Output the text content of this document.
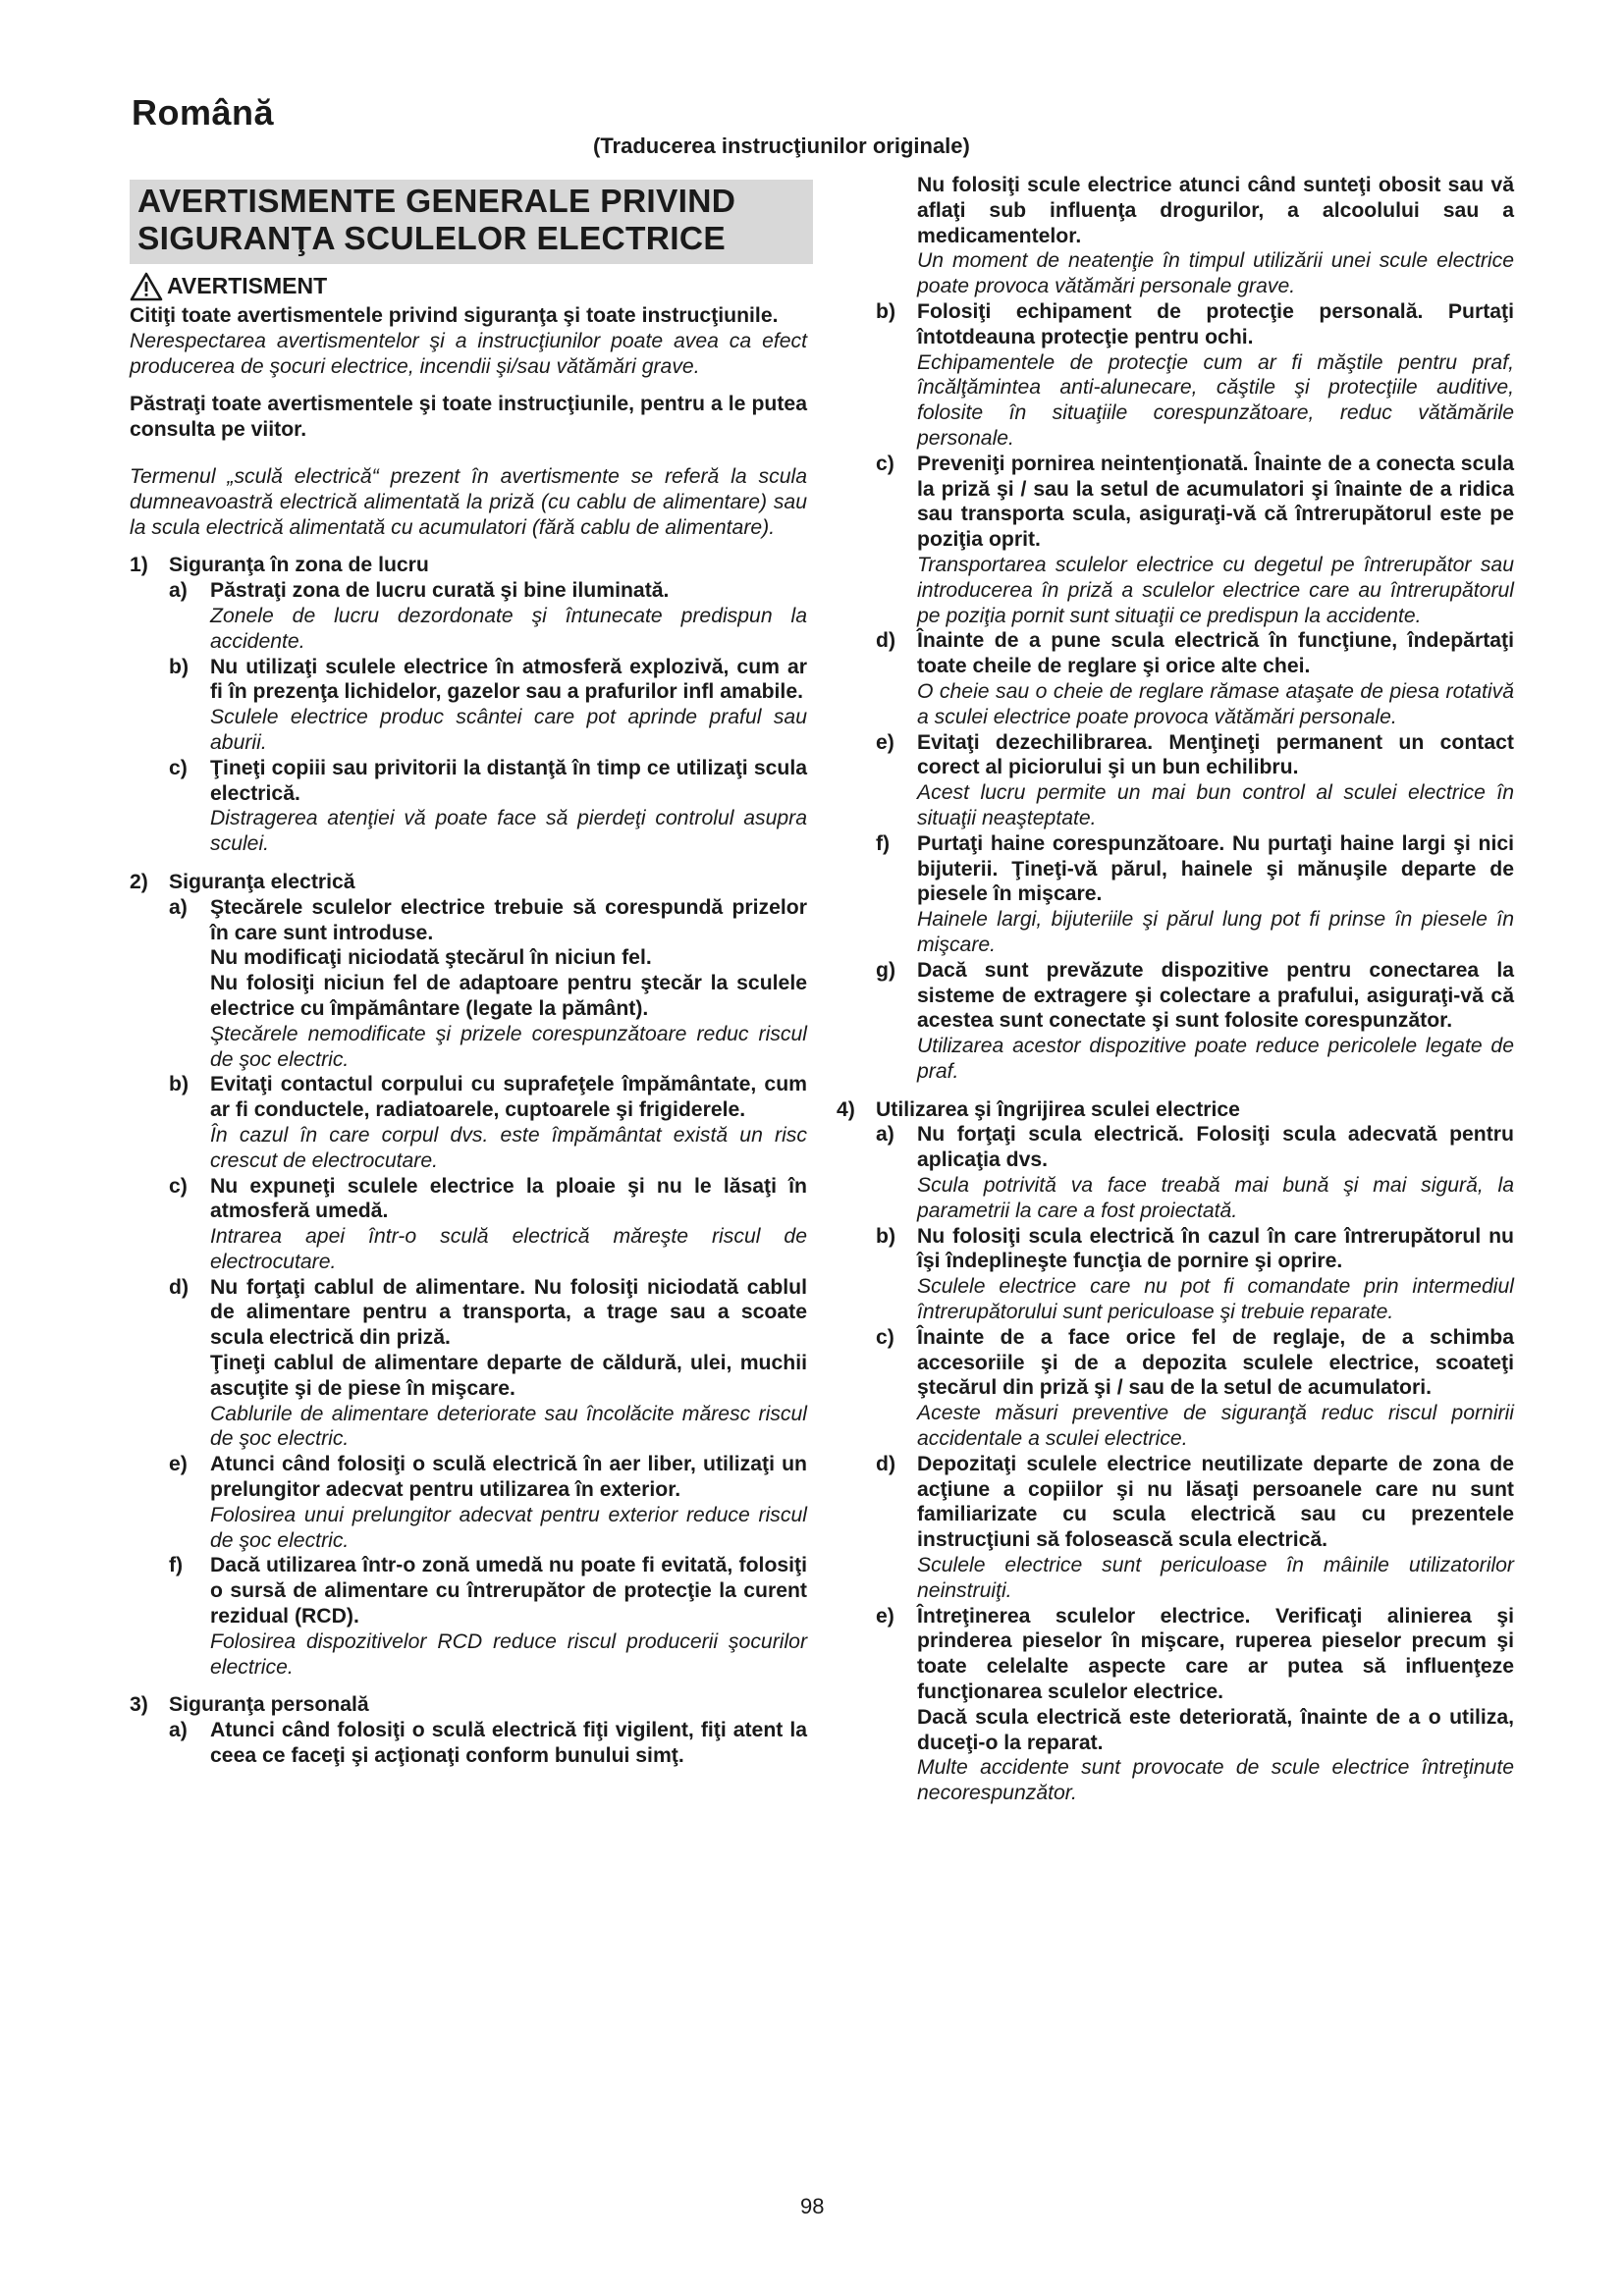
Română

(Traducerea instrucţiunilor originale)

AVERTISMENTE GENERALE PRIVIND
SIGURANŢA SCULELOR ELECTRICE
AVERTISMENT

Citiţi toate avertismentele privind siguranţa şi toate instrucţiunile.

Nerespectarea avertismentelor şi a instrucţiunilor poate avea ca efect producerea de şocuri electrice, incendii şi/sau vătămări grave.

Păstraţi toate avertismentele şi toate instrucţiunile, pentru a le putea consulta pe viitor.

Termenul „sculă electrică“ prezent în avertismente se referă la scula dumneavoastră electrică alimentată la priză (cu cablu de alimentare) sau la scula electrică alimentată cu acumulatori (fără cablu de alimentare).

1) Siguranţa în zona de lucru
a)	Păstraţi zona de lucru curată şi bine iluminată.

Zonele de lucru dezordonate şi întunecate predispun la accidente.

b)	Nu utilizaţi sculele electrice în atmosferă explozivă, cum ar fi în prezenţa lichidelor, gazelor sau a prafurilor infl amabile.

Sculele electrice produc scântei care pot aprinde praful sau aburii.

c)	Ţineţi copiii sau privitorii la distanţă în timp ce utilizaţi scula electrică.

Distragerea atenţiei vă poate face să pierdeţi controlul asupra sculei.

2) Siguranţa electrică
a)	Ştecărele sculelor electrice trebuie să corespundă prizelor în care sunt introduse.

Nu modificaţi niciodată ştecărul în niciun fel.

Nu folosiţi niciun fel de adaptoare pentru ştecăr la sculele electrice cu împământare (legate la pământ).

Ştecărele nemodificate şi prizele corespunzătoare reduc riscul de şoc electric.

b)	Evitaţi contactul corpului cu suprafeţele împământate, cum ar fi conductele, radiatoarele, cuptoarele şi frigiderele.

În cazul în care corpul dvs. este împământat există un risc crescut de electrocutare.

c)	Nu expuneţi sculele electrice la ploaie şi nu le lăsaţi în atmosferă umedă.

Intrarea apei într-o sculă electrică măreşte riscul de electrocutare.

d)	Nu forţaţi cablul de alimentare. Nu folosiţi niciodată cablul de alimentare pentru a transporta, a trage sau a scoate scula electrică din priză.

Ţineţi cablul de alimentare departe de căldură, ulei, muchii ascuţite şi de piese în mişcare.

Cablurile de alimentare deteriorate sau încolăcite măresc riscul de şoc electric.

e)	Atunci când folosiţi o sculă electrică în aer liber, utilizaţi un prelungitor adecvat pentru utilizarea în exterior.

Folosirea unui prelungitor adecvat pentru exterior reduce riscul de şoc electric.

f)	Dacă utilizarea într-o zonă umedă nu poate fi evitată, folosiţi o sursă de alimentare cu întrerupător de protecţie la curent rezidual (RCD).

Folosirea dispozitivelor RCD reduce riscul producerii şocurilor electrice.

3) Siguranţa personală
a)	Atunci când folosiţi o sculă electrică fiţi vigilent, fiţi atent la ceea ce faceţi şi acţionaţi conform bunului simţ.

Nu folosiţi scule electrice atunci când sunteţi obosit sau vă aflaţi sub influenţa drogurilor, a alcoolului sau a medicamentelor.

Un moment de neatenţie în timpul utilizării unei scule electrice poate provoca vătămări personale grave.

b)	Folosiţi echipament de protecţie personală. Purtaţi întotdeauna protecţie pentru ochi.

Echipamentele de protecţie cum ar fi măştile pentru praf, încălţămintea anti-alunecare, căştile şi protecţiile auditive, folosite în situaţiile corespunzătoare, reduc vătămările personale.

c)	Preveniţi pornirea neintenţionată. Înainte de a conecta scula la priză şi / sau la setul de acumulatori şi înainte de a ridica sau transporta scula, asiguraţi-vă că întrerupătorul este pe poziţia oprit.

Transportarea sculelor electrice cu degetul pe întrerupător sau introducerea în priză a sculelor electrice care au întrerupătorul pe poziţia pornit sunt situaţii ce predispun la accidente.

d)	Înainte de a pune scula electrică în funcţiune, îndepărtaţi toate cheile de reglare şi orice alte chei.

O cheie sau o cheie de reglare rămase ataşate de piesa rotativă a sculei electrice poate provoca vătămări personale.

e)	Evitaţi dezechilibrarea. Menţineţi permanent un contact corect al piciorului şi un bun echilibru.

Acest lucru permite un mai bun control al sculei electrice în situaţii neaşteptate.

f)	Purtaţi haine corespunzătoare. Nu purtaţi haine largi şi nici bijuterii. Ţineţi-vă părul, hainele şi mănuşile departe de piesele în mişcare.

Hainele largi, bijuteriile şi părul lung pot fi prinse în piesele în mişcare.

g)	Dacă sunt prevăzute dispozitive pentru conectarea la sisteme de extragere şi colectare a prafului, asiguraţi-vă că acestea sunt conectate şi sunt folosite corespunzător.

Utilizarea acestor dispozitive poate reduce pericolele legate de praf.

4) Utilizarea şi îngrijirea sculei electrice
a)	Nu forţaţi scula electrică. Folosiţi scula adecvată pentru aplicaţia dvs.

Scula potrivită va face treabă mai bună şi mai sigură, la parametrii la care a fost proiectată.

b)	Nu folosiţi scula electrică în cazul în care întrerupătorul nu îşi îndeplineşte funcţia de pornire şi oprire.

Sculele electrice care nu pot fi comandate prin intermediul întrerupătorului sunt periculoase şi trebuie reparate.

c)	Înainte de a face orice fel de reglaje, de a schimba accesoriile şi de a depozita sculele electrice, scoateţi ştecărul din priză şi / sau de la setul de acumulatori.

Aceste măsuri preventive de siguranţă reduc riscul pornirii accidentale a sculei electrice.

d)	Depozitaţi sculele electrice neutilizate departe de zona de acţiune a copiilor şi nu lăsaţi persoanele care nu sunt familiarizate cu scula electrică sau cu prezentele instrucţiuni să folosească scula electrică.

Sculele electrice sunt periculoase în mâinile utilizatorilor neinstruiţi.

e)	Întreţinerea sculelor electrice. Verificaţi alinierea şi prinderea pieselor în mişcare, ruperea pieselor precum şi toate celelalte aspecte care ar putea să influenţeze funcţionarea sculelor electrice.

Dacă scula electrică este deteriorată, înainte de a o utiliza, duceţi-o la reparat.

Multe accidente sunt provocate de scule electrice întreţinute necorespunzător.

98
